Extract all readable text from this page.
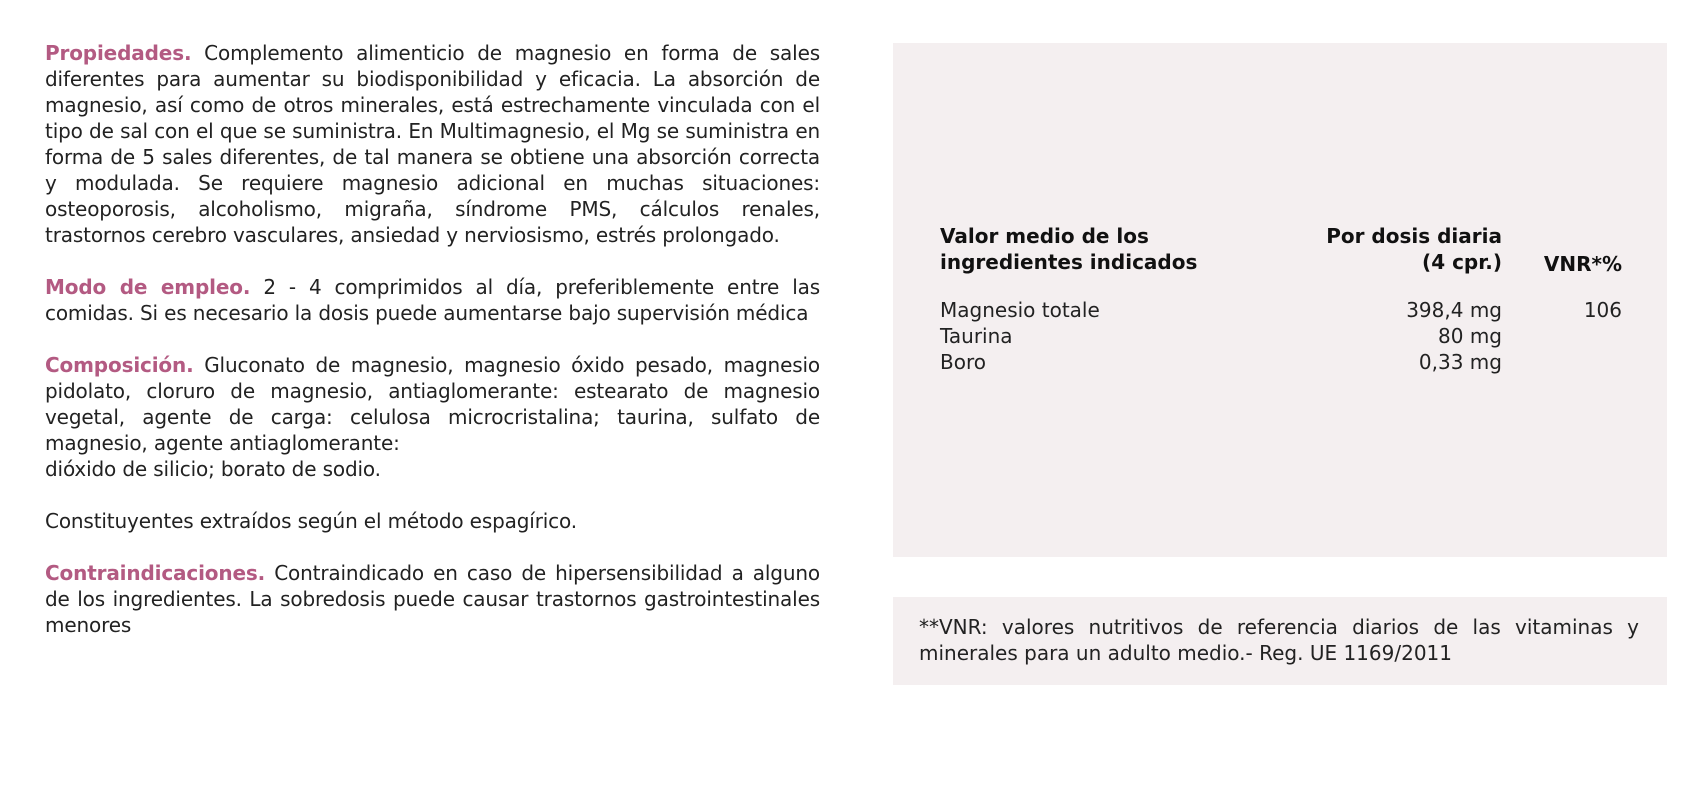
Propiedades. Complemento alimenticio de magnesio en forma de sales diferentes para aumentar su biodisponibilidad y eficacia. La absorción de magnesio, así como de otros minerales, está estrechamente vinculada con el tipo de sal con el que se suministra. En Multimagnesio, el Mg se suministra en forma de 5 sales diferentes, de tal manera se obtiene una absorción correcta y modulada. Se requiere magnesio adicional en muchas situaciones: osteoporosis, alcoholismo, migraña, síndrome PMS, cálculos renales, trastornos cerebro vasculares, ansiedad y nerviosismo, estrés prolongado.

Modo de empleo. 2 - 4 comprimidos al día, preferiblemente entre las comidas. Si es necesario la dosis puede aumentarse bajo supervisión médica

Composición. Gluconato de magnesio, magnesio óxido pesado, magnesio pidolato, cloruro de magnesio, antiaglomerante: estearato de magnesio vegetal, agente de carga: celulosa microcristalina; taurina, sulfato de magnesio, agente antiaglomerante:
dióxido de silicio; borato de sodio.

Constituyentes extraídos según el método espagírico.

Contraindicaciones. Contraindicado en caso de hipersensibilidad a alguno de los ingredientes. La sobredosis puede causar trastornos gastrointestinales menores

Valor medio de los
ingredientes indicados
Por dosis diaria
(4 cpr.)	VNR*%
Magnesio totale	398,4 mg	106
Taurina	80 mg
Boro	0,33 mg
**VNR: valores nutritivos de referencia diarios de las vitaminas y minerales para un adulto medio.- Reg. UE 1169/2011
